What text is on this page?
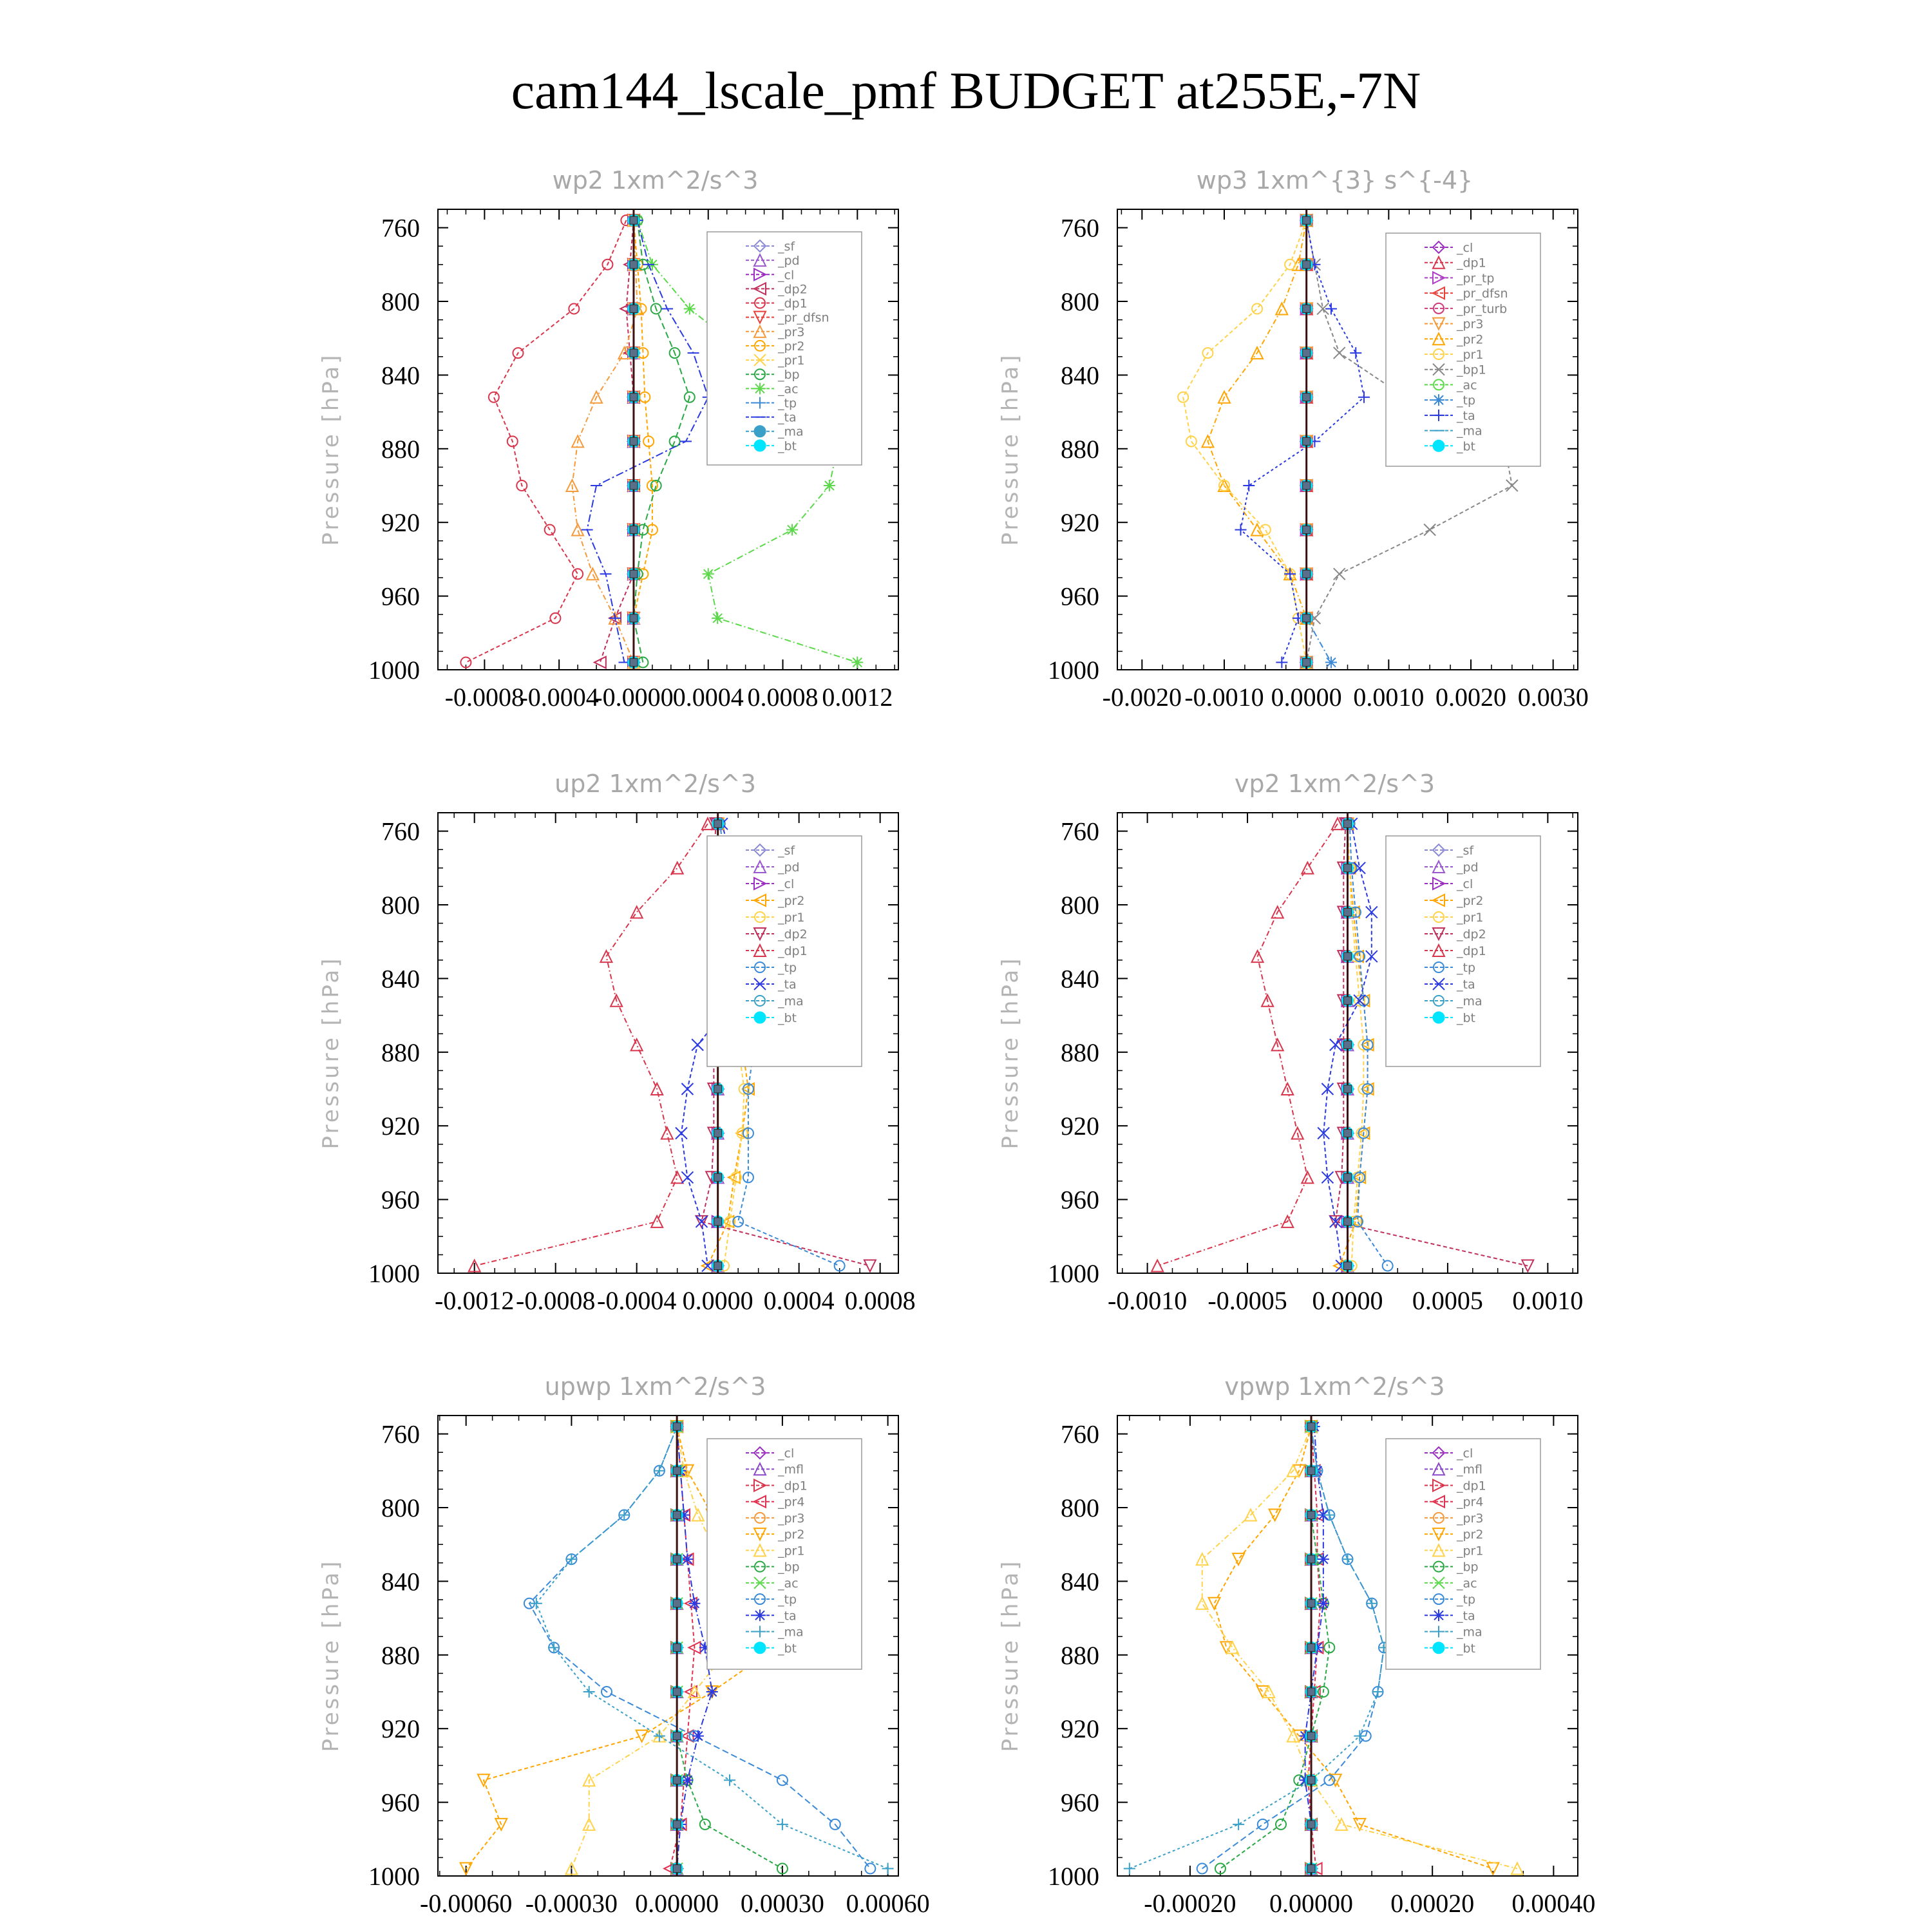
cam144_lscale_pmf BUDGET at255E,-7N
wp2 1xm^2/s^3
Pressure [hPa]
760
800
840
880
920
960
1000
-0.0008
-0.0004
-0.0000 0.0004 0.0008 0.0012
_sf
_pd
_cl
_dp2
_dp1
_pr_dfsn
_pr3
_pr2
_pr1
_bp
_ac
_tp
_ta
_ma
_bt
wp3 1xm^{3} s^{-4}
Pressure [hPa]
760
800
840
880
920
960
1000
-0.0020 -0.0010 0.0000 0.0010 0.0020 0.0030
_cl
_dp1
_pr_tp
_pr_dfsn
_pr_turb
_pr3
_pr2
_pr1
_bp1
_ac
_tp
_ta
_ma
_bt
up2 1xm^2/s^3
Pressure [hPa]
760
800
840
880
920
960
1000
-0.0012 -0.0008 -0.0004 0.0000 0.0004 0.0008
_sf
_pd
_cl
_pr2
_pr1
_dp2
_dp1
_tp
_ta
_ma
_bt
vp2 1xm^2/s^3
Pressure [hPa]
760
800
840
880
920
960
1000
-0.0010 -0.0005 0.0000 0.0005 0.0010
_sf
_pd
_cl
_pr2
_pr1
_dp2
_dp1
_tp
_ta
_ma
_bt
upwp 1xm^2/s^3
Pressure [hPa]
760
800
840
880
920
960
1000
-0.00060 -0.00030 0.00000 0.00030 0.00060
_cl
_mfl
_dp1
_pr4
_pr3
_pr2
_pr1
_bp
_ac
_tp
_ta
_ma
_bt
vpwp 1xm^2/s^3
Pressure [hPa]
760
800
840
880
920
960
1000
-0.00020 0.00000 0.00020 0.00040
_cl
_mfl
_dp1
_pr4
_pr3
_pr2
_pr1
_bp
_ac
_tp
_ta
_ma
_bt
